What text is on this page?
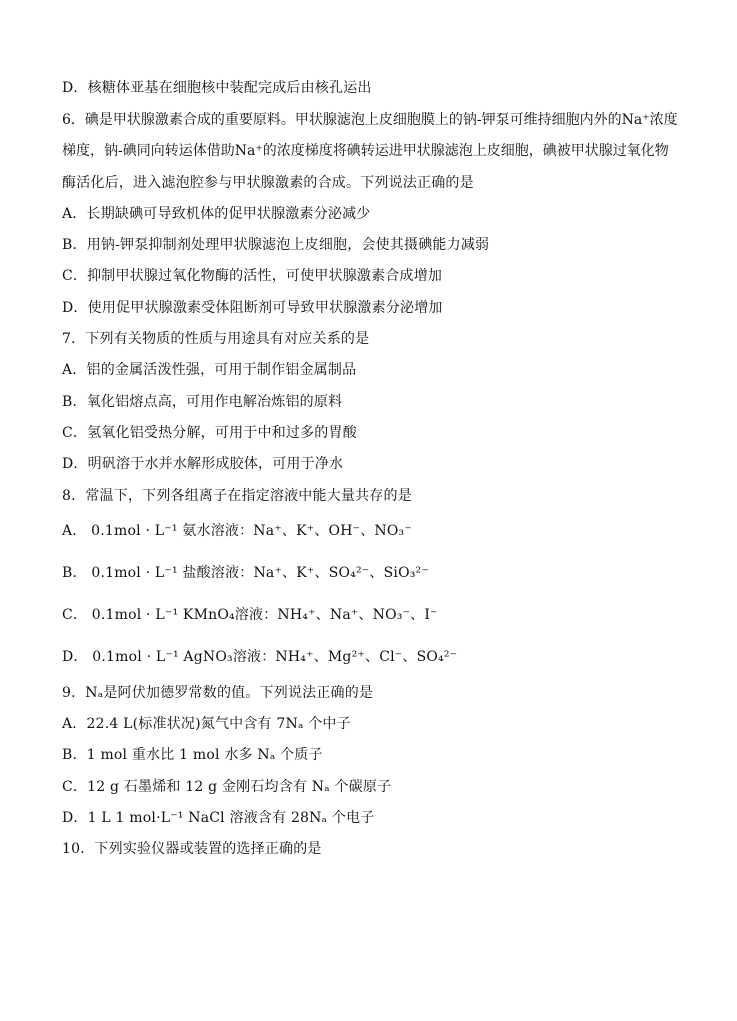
D．核糖体亚基在细胞核中装配完成后由核孔运出
6．碘是甲状腺激素合成的重要原料。甲状腺滤泡上皮细胞膜上的钠-钾泵可维持细胞内外的Na⁺浓度
梯度，钠-碘同向转运体借助Na⁺的浓度梯度将碘转运进甲状腺滤泡上皮细胞，碘被甲状腺过氧化物
酶活化后，进入滤泡腔参与甲状腺激素的合成。下列说法正确的是
A．长期缺碘可导致机体的促甲状腺激素分泌减少
B．用钠-钾泵抑制剂处理甲状腺滤泡上皮细胞，会使其摄碘能力减弱
C．抑制甲状腺过氧化物酶的活性，可使甲状腺激素合成增加
D．使用促甲状腺激素受体阻断剂可导致甲状腺激素分泌增加
7．下列有关物质的性质与用途具有对应关系的是
A．铝的金属活泼性强，可用于制作铝金属制品
B．氧化铝熔点高，可用作电解冶炼铝的原料
C．氢氧化铝受热分解，可用于中和过多的胃酸
D．明矾溶于水并水解形成胶体，可用于净水
8．常温下，下列各组离子在指定溶液中能大量共存的是
A． 0.1mol · L⁻¹ 氨水溶液：Na⁺、K⁺、OH⁻、NO₃⁻
B． 0.1mol · L⁻¹ 盐酸溶液：Na⁺、K⁺、SO₄²⁻、SiO₃²⁻
C． 0.1mol · L⁻¹ KMnO₄溶液：NH₄⁺、Na⁺、NO₃⁻、I⁻
D． 0.1mol · L⁻¹ AgNO₃溶液：NH₄⁺、Mg²⁺、Cl⁻、SO₄²⁻
9．Nₐ是阿伏加德罗常数的值。下列说法正确的是
A．22.4 L(标准状况)氮气中含有 7Nₐ 个中子
B．1 mol 重水比 1 mol 水多 Nₐ 个质子
C．12 g 石墨烯和 12 g 金刚石均含有 Nₐ 个碳原子
D．1 L 1 mol·L⁻¹ NaCl 溶液含有 28Nₐ 个电子
10．下列实验仪器或装置的选择正确的是
